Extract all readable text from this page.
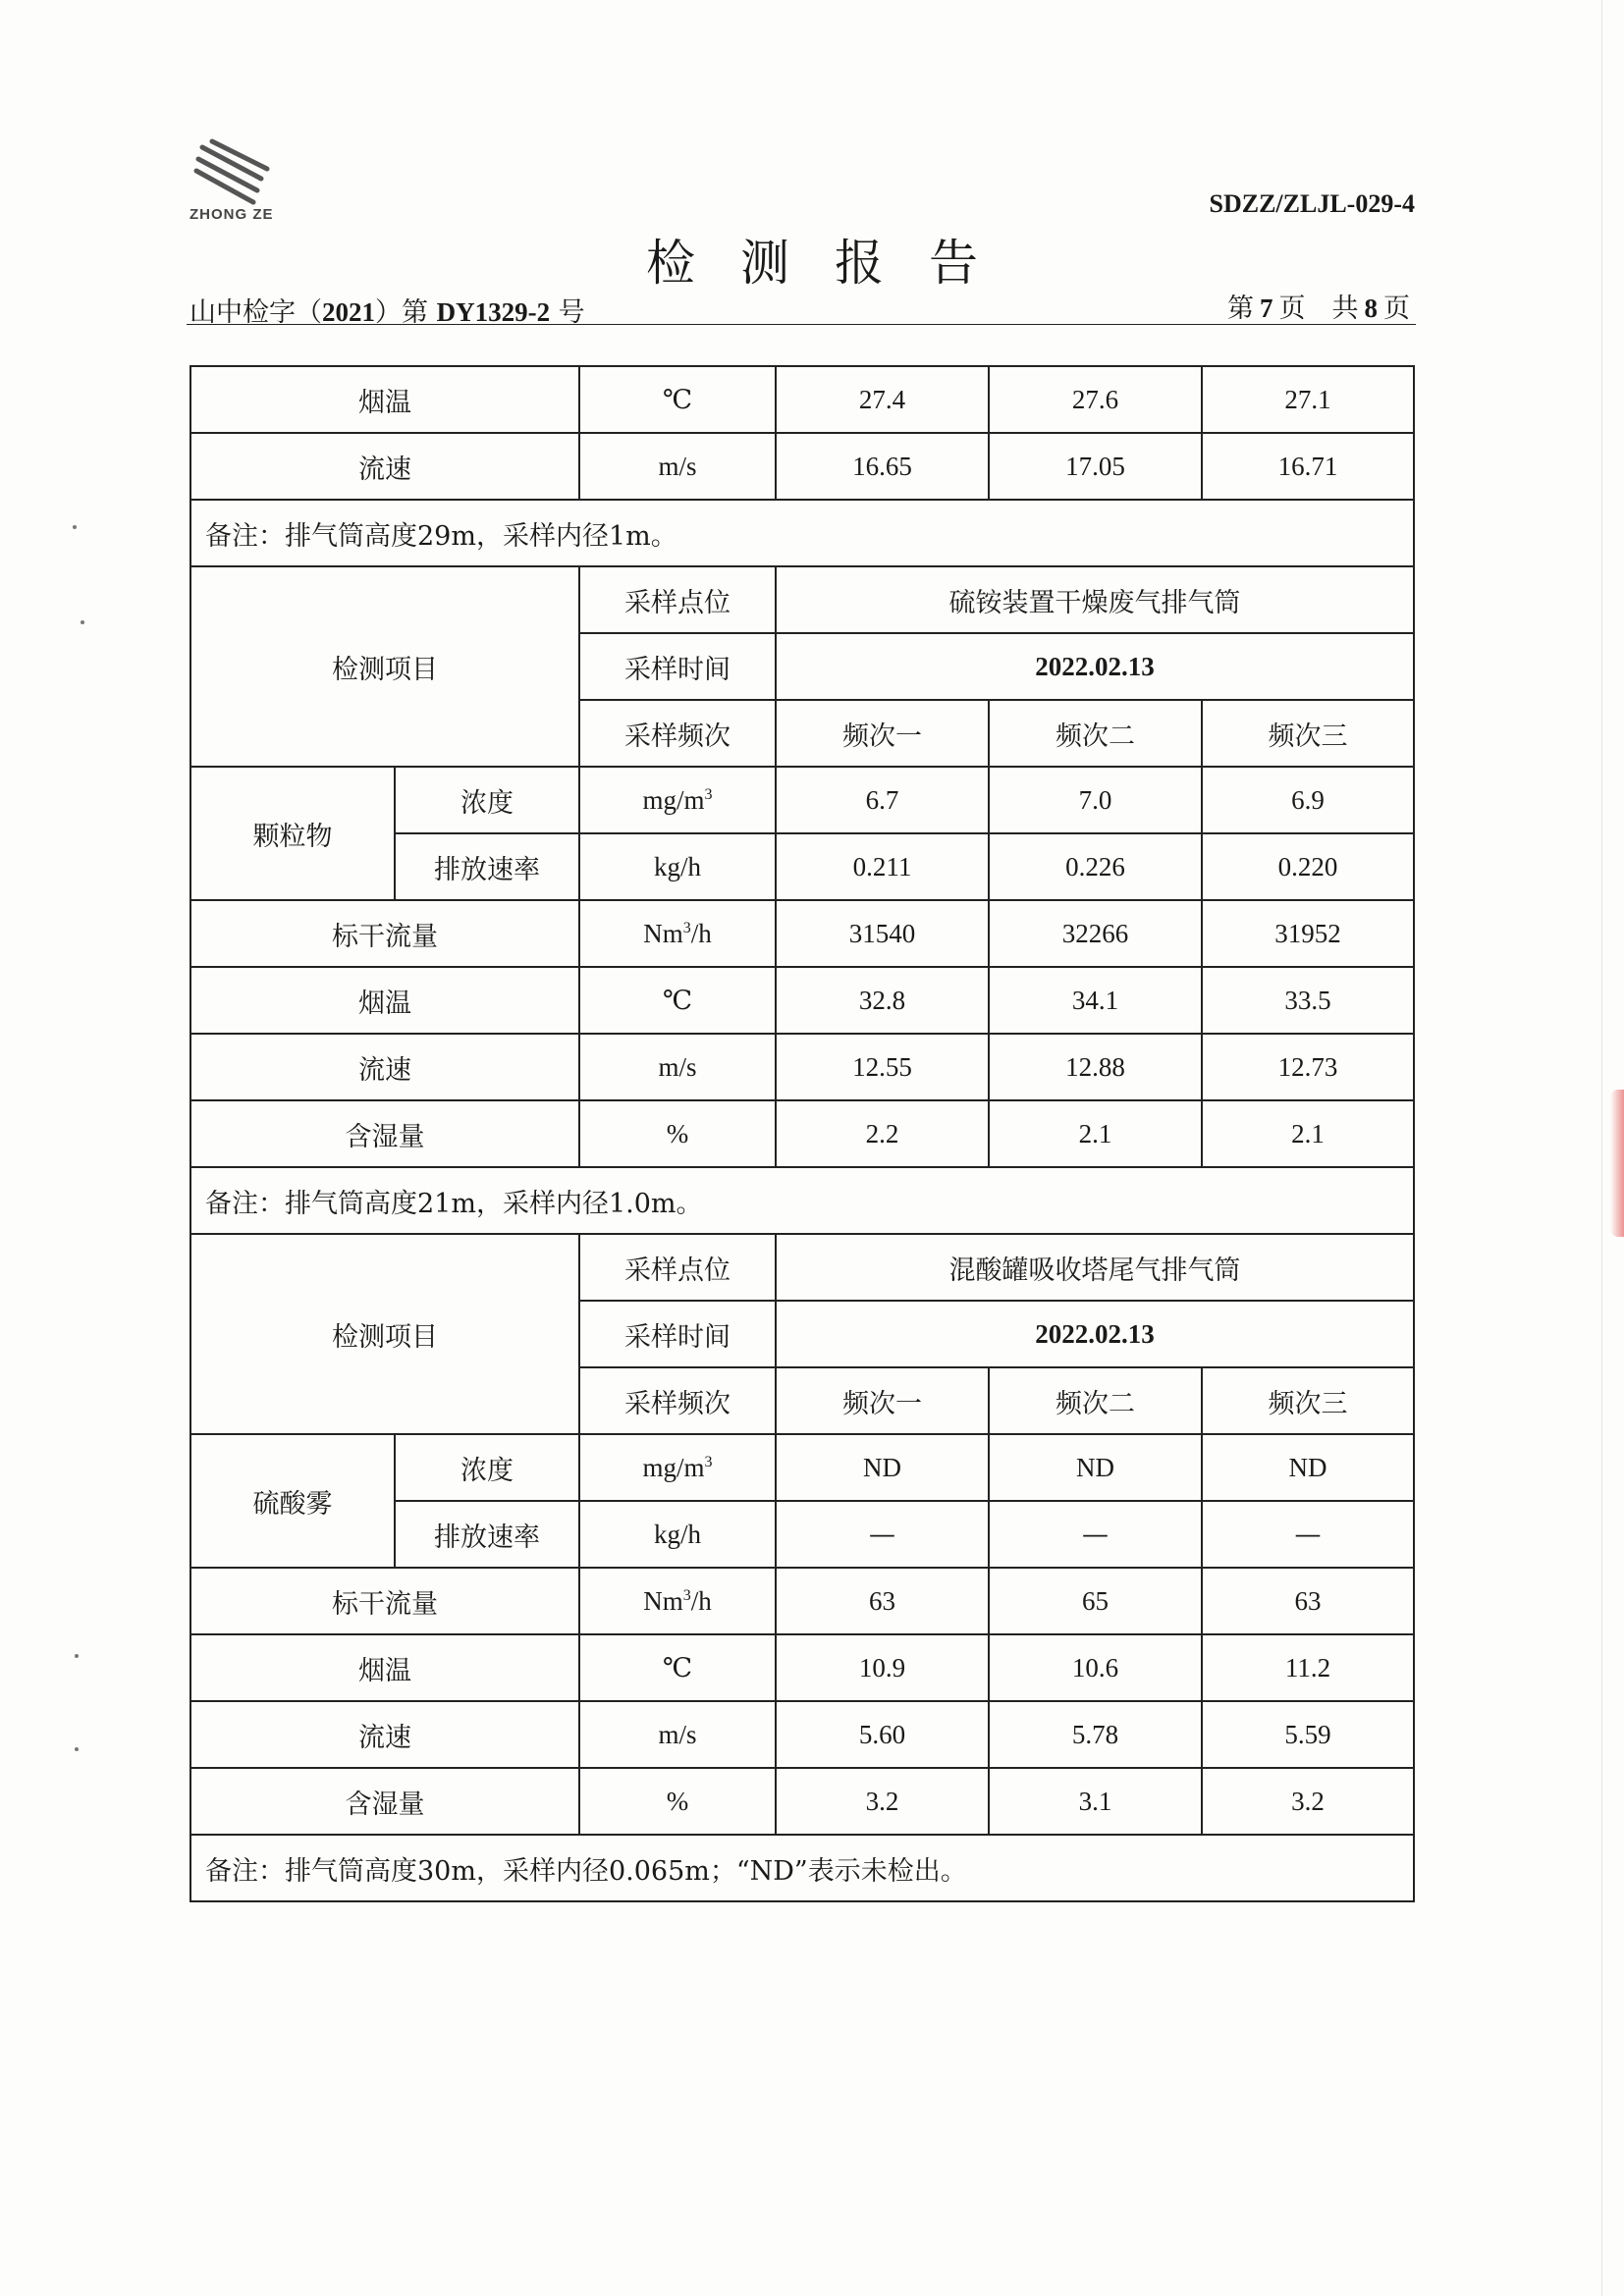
ZHONG ZE	SDZZ/ZLJL-029-4
检测报告
山中检字（2021）第 DY1329-2 号	第 7 页　共 8 页
烟温		℃	27.4	27.6	27.1
流速		m/s	16.65	17.05	16.71
备注：排气筒高度29m，采样内径1m。					
检测项目		采样点位	硫铵装置干燥废气排气筒		
		采样时间	2022.02.13		
		采样频次	频次一	频次二	频次三
颗粒物	浓度	$mg/m^3$	6.7	7.0	6.9
	排放速率	kg/h	0.211	0.226	0.220
标干流量		Nm$^3$/h	31540	32266	31952
烟温		℃	32.8	34.1	33.5
流速		m/s	12.55	12.88	12.73
含湿量		%	2.2	2.1	2.1
备注：排气筒高度21m，采样内径1.0m。					
检测项目		采样点位	混酸罐吸收塔尾气排气筒		
		采样时间	2022.02.13		
		采样频次	频次一	频次二	频次三
硫酸雾	浓度	$mg/m^3$	ND	ND	ND
	排放速率	kg/h	—	—	—
标干流量		Nm$^3$/h	63	65	63
烟温		℃	10.9	10.6	11.2
流速		m/s	5.60	5.78	5.59
含湿量		%	3.2	3.1	3.2
备注：排气筒高度30m，采样内径0.065m；“ND”表示未检出。					
